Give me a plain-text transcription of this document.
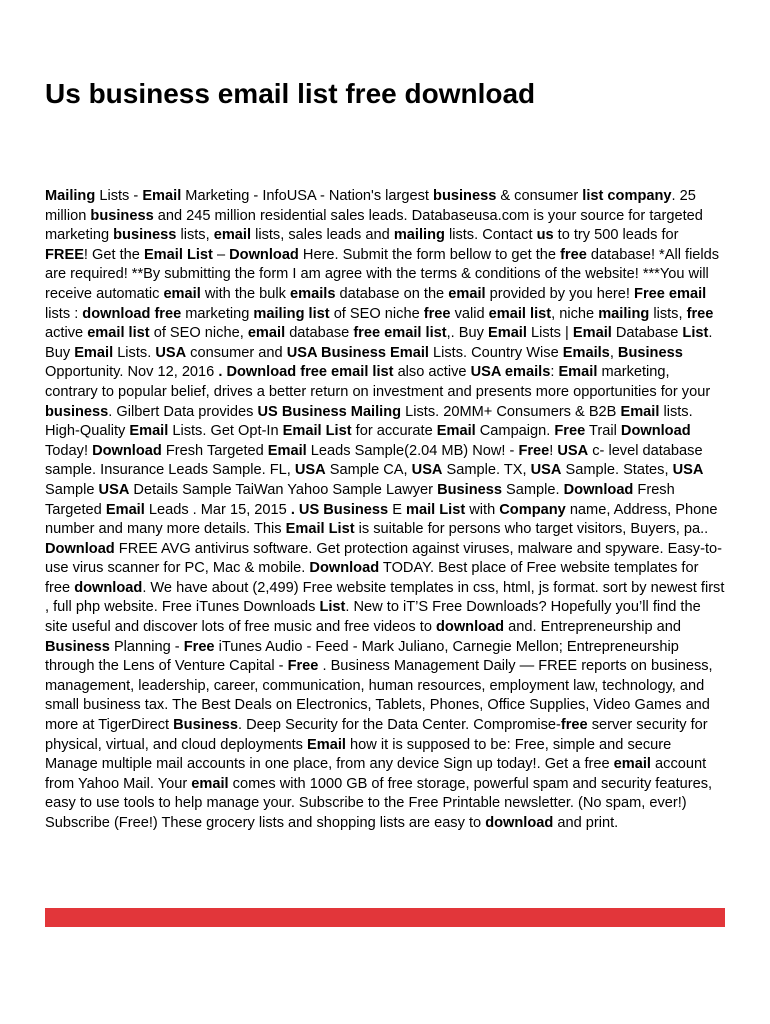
Us business email list free download

Mailing Lists - Email Marketing - InfoUSA - Nation's largest business & consumer list company. 25 million business and 245 million residential sales leads. Databaseusa.com is your source for targeted marketing business lists, email lists, sales leads and mailing lists. Contact us to try 500 leads for FREE! Get the Email List – Download Here. Submit the form bellow to get the free database! *All fields are required! **By submitting the form I am agree with the terms & conditions of the website! ***You will receive automatic email with the bulk emails database on the email provided by you here! Free email lists : download free marketing mailing list of SEO niche free valid email list, niche mailing lists, free active email list of SEO niche, email database free email list,. Buy Email Lists | Email Database List. Buy Email Lists. USA consumer and USA Business Email Lists. Country Wise Emails, Business Opportunity. Nov 12, 2016 . Download free email list also active USA emails: Email marketing, contrary to popular belief, drives a better return on investment and presents more opportunities for your business. Gilbert Data provides US Business Mailing Lists. 20MM+ Consumers & B2B Email lists. High-Quality Email Lists. Get Opt-In Email List for accurate Email Campaign. Free Trail Download Today! Download Fresh Targeted Email Leads Sample(2.04 MB) Now! - Free! USA c- level database sample. Insurance Leads Sample. FL, USA Sample CA, USA Sample. TX, USA Sample. States, USA Sample USA Details Sample TaiWan Yahoo Sample Lawyer Business Sample. Download Fresh Targeted Email Leads . Mar 15, 2015 . US Business E mail List with Company name, Address, Phone number and many more details. This Email List is suitable for persons who target visitors, Buyers, pa.. Download FREE AVG antivirus software. Get protection against viruses, malware and spyware. Easy-to-use virus scanner for PC, Mac & mobile. Download TODAY. Best place of Free website templates for free download. We have about (2,499) Free website templates in css, html, js format. sort by newest first , full php website. Free iTunes Downloads List. New to iT’S Free Downloads? Hopefully you’ll find the site useful and discover lots of free music and free videos to download and. Entrepreneurship and Business Planning - Free iTunes Audio - Feed - Mark Juliano, Carnegie Mellon; Entrepreneurship through the Lens of Venture Capital - Free . Business Management Daily — FREE reports on business, management, leadership, career, communication, human resources, employment law, technology, and small business tax. The Best Deals on Electronics, Tablets, Phones, Office Supplies, Video Games and more at TigerDirect Business. Deep Security for the Data Center. Compromise-free server security for physical, virtual, and cloud deployments Email how it is supposed to be: Free, simple and secure Manage multiple mail accounts in one place, from any device Sign up today!. Get a free email account from Yahoo Mail. Your email comes with 1000 GB of free storage, powerful spam and security features, easy to use tools to help manage your. Subscribe to the Free Printable newsletter. (No spam, ever!) Subscribe (Free!) These grocery lists and shopping lists are easy to download and print.
